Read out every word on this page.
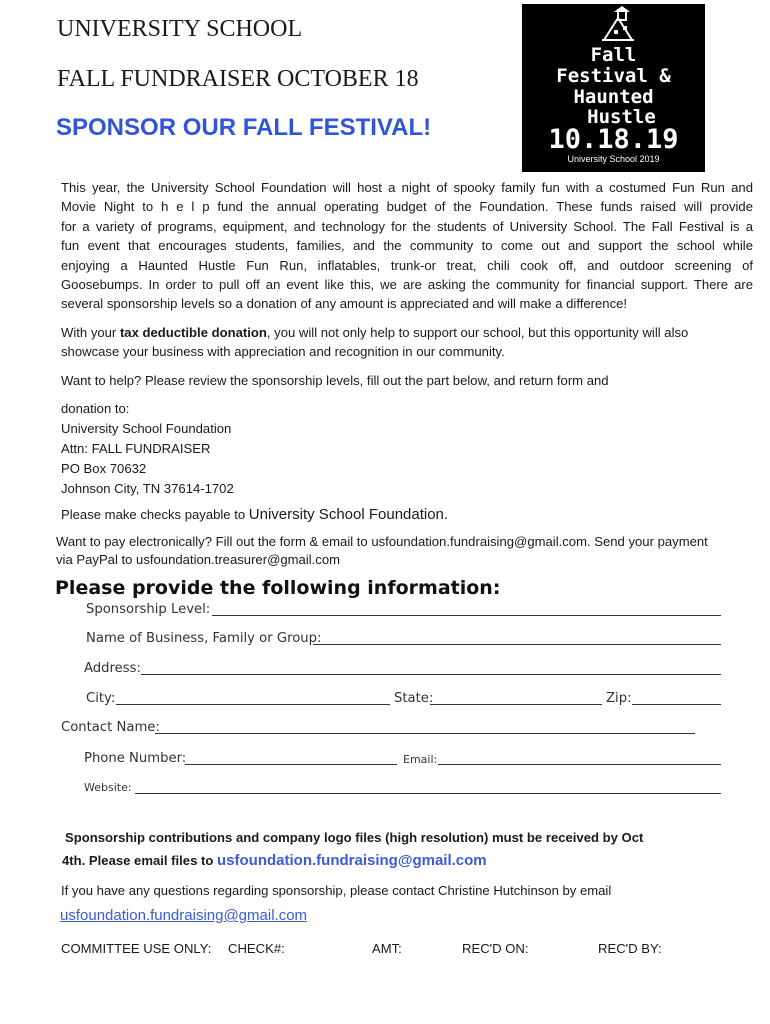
UNIVERSITY SCHOOL
FALL FUNDRAISER OCTOBER 18
SPONSOR OUR FALL FESTIVAL!
Fall
Festival &
Haunted
Hustle
10.18.19
University School 2019
This year, the University School Foundation will host a night of spooky family fun with a costumed Fun Run and
Movie Night to h e l p fund the annual operating budget of the Foundation. These funds raised will provide
for a variety of programs, equipment, and technology for the students of University School. The Fall Festival is a
fun event that encourages students, families, and the community to come out and support the school while
enjoying a Haunted Hustle Fun Run, inflatables, trunk-or treat, chili cook off, and outdoor screening of
Goosebumps. In order to pull off an event like this, we are asking the community for financial support. There are
several sponsorship levels so a donation of any amount is appreciated and will make a difference!
With your tax deductible donation, you will not only help to support our school, but this opportunity will also
showcase your business with appreciation and recognition in our community.
Want to help? Please review the sponsorship levels, fill out the part below, and return form and
donation to:
University School Foundation
Attn: FALL FUNDRAISER
PO Box 70632
Johnson City, TN 37614-1702
Please make checks payable to University School Foundation.
Want to pay electronically? Fill out the form & email to usfoundation.fundraising@gmail.com. Send your payment
via PayPal to usfoundation.treasurer@gmail.com
Please provide the following information:
Sponsorship Level:
Name of Business, Family or Group:
Address:
City:	State:	Zip:
Contact Name:
Phone Number:	Email:
Website:
Sponsorship contributions and company logo files (high resolution) must be received by Oct
4th. Please email files to usfoundation.fundraising@gmail.com
If you have any questions regarding sponsorship, please contact Christine Hutchinson by email
usfoundation.fundraising@gmail.com
COMMITTEE USE ONLY: CHECK#:	AMT:	REC'D ON:	REC'D BY:
